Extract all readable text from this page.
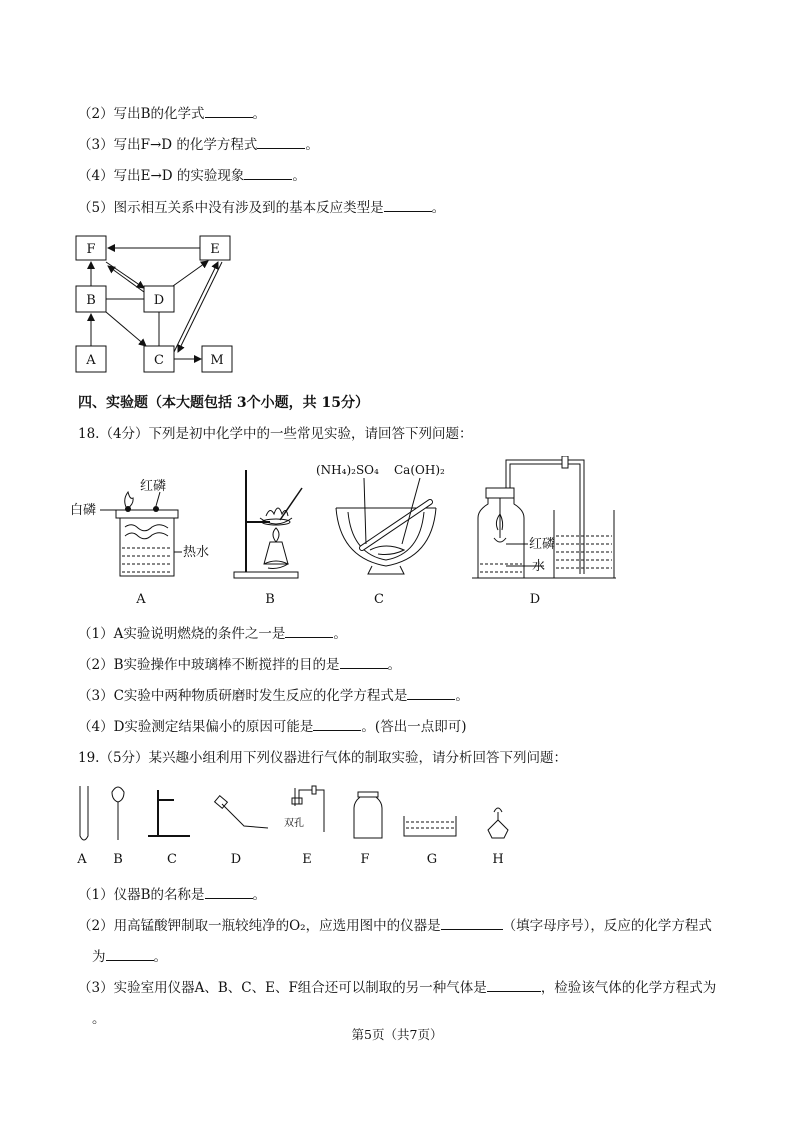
（2）写出B的化学式	。
（3）写出F→D 的化学方程式	。
（4）写出E→D 的实验现象	。
（5）图示相互关系中没有涉及到的基本反应类型是	。
F	E
B	D
A	C	M
四、实验题（本大题包括 3个小题，共 15分）
18.（4分）下列是初中化学中的一些常见实验，请回答下列问题：
白磷
红磷
热水
A	B
(NH₄)₂SO₄ Ca(OH)₂
C
红磷
水
D
（1）A实验说明燃烧的条件之一是	。
（2）B实验操作中玻璃棒不断搅拌的目的是	。
（3）C实验中两种物质研磨时发生反应的化学方程式是	。
（4）D实验测定结果偏小的原因可能是	。(答出一点即可)
19.（5分）某兴趣小组利用下列仪器进行气体的制取实验，请分析回答下列问题：
双孔
A	B	C	D	E	F	G	H
（1）仪器B的名称是	。
（2）用高锰酸钾制取一瓶较纯净的O₂，应选用图中的仪器是	（填字母序号），反应的化学方程式
为	。
（3）实验室用仪器A、B、C、E、F组合还可以制取的另一种气体是	，检验该气体的化学方程式为
。
第5页（共7页）
